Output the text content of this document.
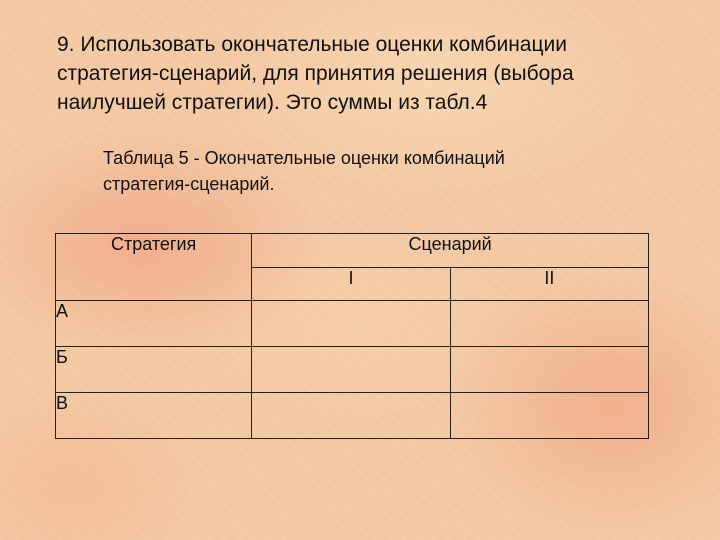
9. Использовать окончательные оценки комбинации
стратегия-сценарий, для принятия решения (выбора
наилучшей стратегии). Это суммы из табл.4
Таблица 5 - Окончательные оценки комбинаций
стратегия-сценарий.
Стратегия	Сценарий	
	I	II
А		
Б		
В		
